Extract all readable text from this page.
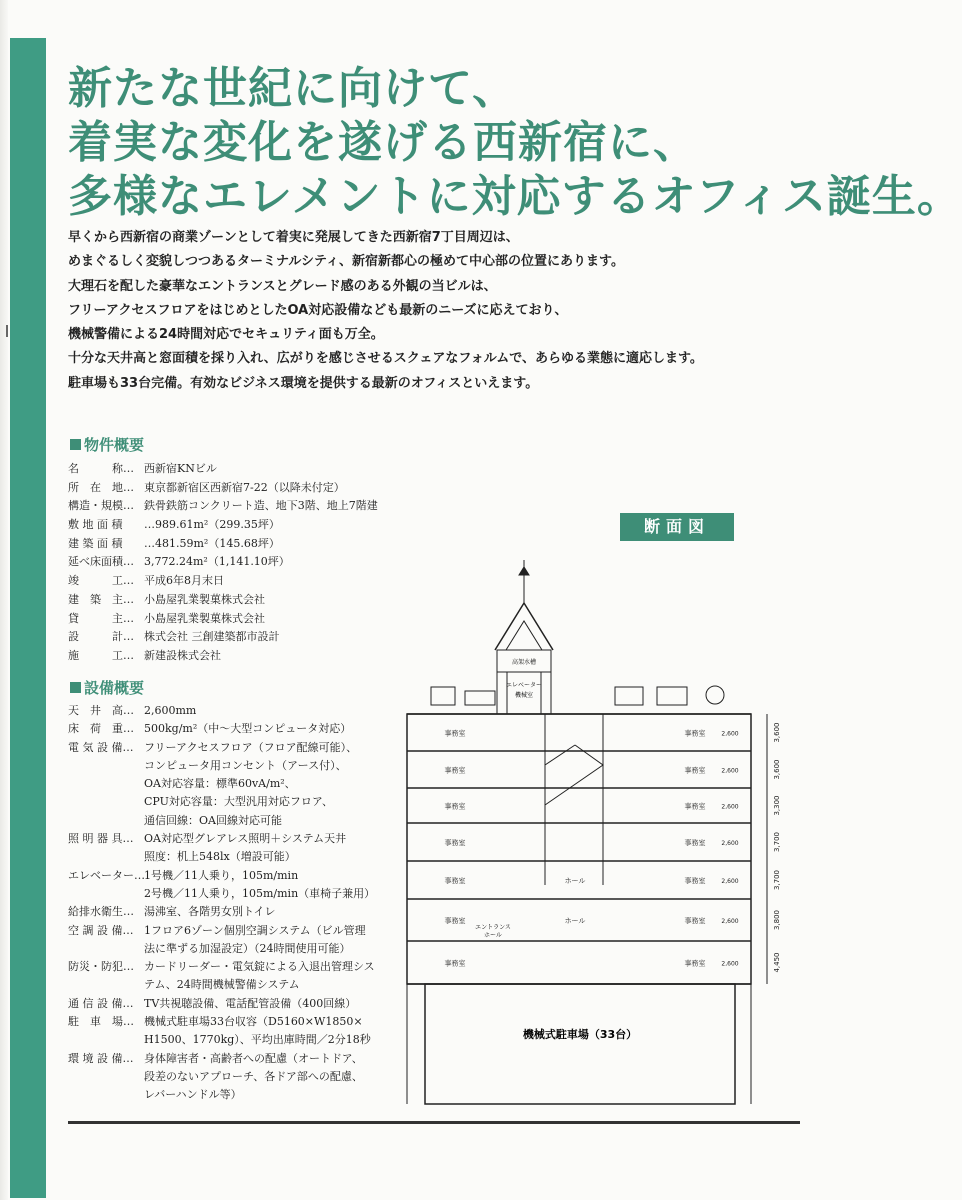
新たな世紀に向けて、
着実な変化を遂げる西新宿に、
多様なエレメントに対応するオフィス誕生。
早くから西新宿の商業ゾーンとして着実に発展してきた西新宿7丁目周辺は、
めまぐるしく変貌しつつあるターミナルシティ、新宿新都心の極めて中心部の位置にあります。
大理石を配した豪華なエントランスとグレード感のある外観の当ビルは、
フリーアクセスフロアをはじめとしたOA対応設備なども最新のニーズに応えており、
機械警備による24時間対応でセキュリティ面も万全。
十分な天井高と窓面積を採り入れ、広がりを感じさせるスクェアなフォルムで、あらゆる業態に適応します。
駐車場も33台完備。有効なビジネス環境を提供する最新のオフィスといえます。
物件概要
名　　　称… 西新宿KNビル
所　在　地… 東京都新宿区西新宿7-22（以降未付定）
構造・規模… 鉄骨鉄筋コンクリート造、地下3階、地上7階建
敷 地 面 積	…989.61m²（299.35坪）
建 築 面 積	…481.59m²（145.68坪）
延べ床面積… 3,772.24m²（1,141.10坪）
竣　　　工… 平成6年8月末日
建　築　主… 小島屋乳業製菓株式会社
貸　　　主… 小島屋乳業製菓株式会社
設　　　計… 株式会社 三創建築都市設計
施　　　工… 新建設株式会社
設備概要
天　井　高… 2,600mm
床　荷　重… 500kg/m²（中～大型コンピュータ対応）
電 気 設 備… フリーアクセスフロア（フロア配線可能）、
コンピュータ用コンセント（アース付）、
OA対応容量：標準60vA/m²、
CPU対応容量：大型汎用対応フロア、
通信回線：OA回線対応可能
照 明 器 具… OA対応型グレアレス照明＋システム天井
照度：机上548lx（増設可能）
エレベーター… 1号機／11人乗り，105m/min
2号機／11人乗り，105m/min（車椅子兼用）
給排水衛生… 湯沸室、各階男女別トイレ
空 調 設 備… 1フロア6ゾーン個別空調システム（ビル管理
法に準ずる加湿設定）（24時間使用可能）
防災・防犯… カードリーダー・電気錠による入退出管理シス
テム、24時間機械警備システム
通 信 設 備… TV共視聴設備、電話配管設備（400回線）
駐　車　場… 機械式駐車場33台収容（D5160×W1850×
H1500、1770kg）、平均出庫時間／2分18秒
環 境 設 備… 身体障害者・高齢者への配慮（オートドア、
段差のないアプローチ、各ドア部への配慮、
レバーハンドル等）
断面図
事務室	事務室	2,600
事務室	事務室	2,600
事務室	事務室	2,600
事務室	事務室	2,600
事務室	事務室
ホール	2,600
事務室	事務室
ホール	2,600
事務室	事務室	2,600
3,600
3,600
3,300
3,700
3,700
3,800
4,450
高架水槽
エレベーター
機械室
エントランス
ホール
機械式駐車場（33台）
